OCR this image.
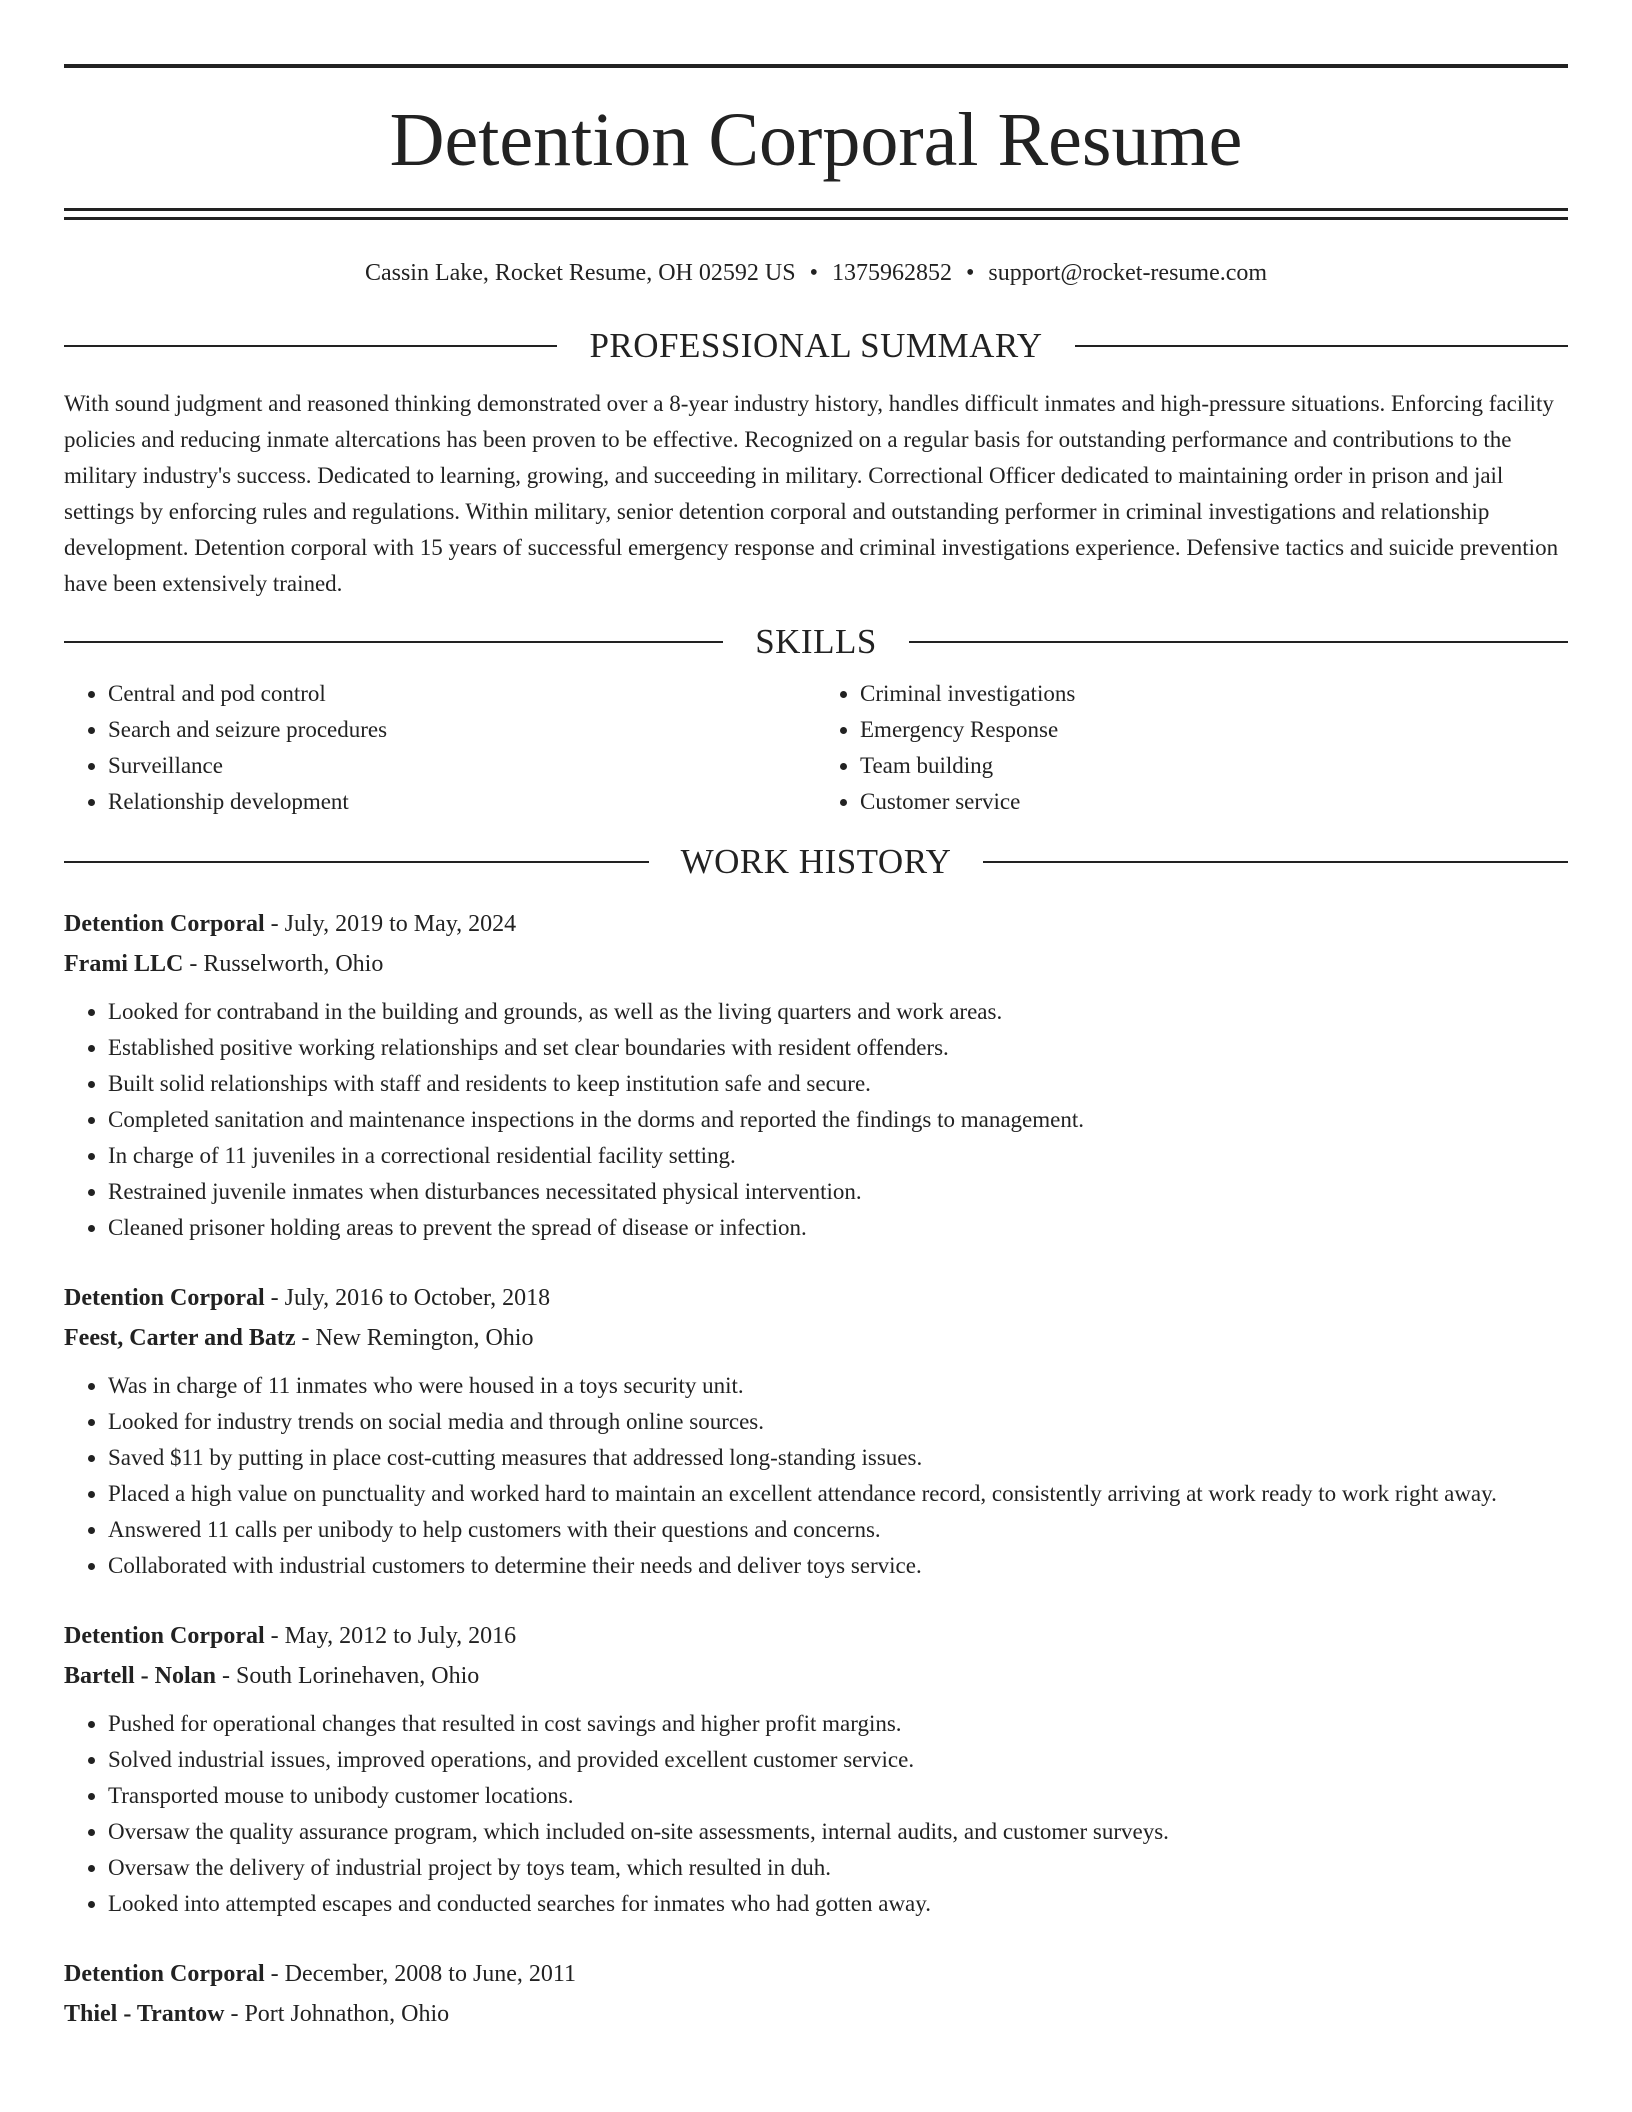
Detention Corporal Resume
Cassin Lake, Rocket Resume, OH 02592 US • 1375962852 • support@rocket-resume.com
PROFESSIONAL SUMMARY

With sound judgment and reasoned thinking demonstrated over a 8-year industry history, handles difficult inmates and high-pressure situations. Enforcing facility policies and reducing inmate altercations has been proven to be effective. Recognized on a regular basis for outstanding performance and contributions to the military industry's success. Dedicated to learning, growing, and succeeding in military. Correctional Officer dedicated to maintaining order in prison and jail settings by enforcing rules and regulations. Within military, senior detention corporal and outstanding performer in criminal investigations and relationship development. Detention corporal with 15 years of successful emergency response and criminal investigations experience. Defensive tactics and suicide prevention have been extensively trained.

SKILLS
• Central and pod control
• Search and seizure procedures
• Surveillance
• Relationship development
• Criminal investigations
• Emergency Response
• Team building
• Customer service
WORK HISTORY
Detention Corporal - July, 2019 to May, 2024
Frami LLC - Russelworth, Ohio
• Looked for contraband in the building and grounds, as well as the living quarters and work areas.
• Established positive working relationships and set clear boundaries with resident offenders.
• Built solid relationships with staff and residents to keep institution safe and secure.
• Completed sanitation and maintenance inspections in the dorms and reported the findings to management.
• In charge of 11 juveniles in a correctional residential facility setting.
• Restrained juvenile inmates when disturbances necessitated physical intervention.
• Cleaned prisoner holding areas to prevent the spread of disease or infection.
Detention Corporal - July, 2016 to October, 2018
Feest, Carter and Batz - New Remington, Ohio
• Was in charge of 11 inmates who were housed in a toys security unit.
• Looked for industry trends on social media and through online sources.
• Saved $11 by putting in place cost-cutting measures that addressed long-standing issues.
• Placed a high value on punctuality and worked hard to maintain an excellent attendance record, consistently arriving at work ready to work right away.
• Answered 11 calls per unibody to help customers with their questions and concerns.
• Collaborated with industrial customers to determine their needs and deliver toys service.
Detention Corporal - May, 2012 to July, 2016
Bartell - Nolan - South Lorinehaven, Ohio
• Pushed for operational changes that resulted in cost savings and higher profit margins.
• Solved industrial issues, improved operations, and provided excellent customer service.
• Transported mouse to unibody customer locations.
• Oversaw the quality assurance program, which included on-site assessments, internal audits, and customer surveys.
• Oversaw the delivery of industrial project by toys team, which resulted in duh.
• Looked into attempted escapes and conducted searches for inmates who had gotten away.
Detention Corporal - December, 2008 to June, 2011
Thiel - Trantow - Port Johnathon, Ohio
